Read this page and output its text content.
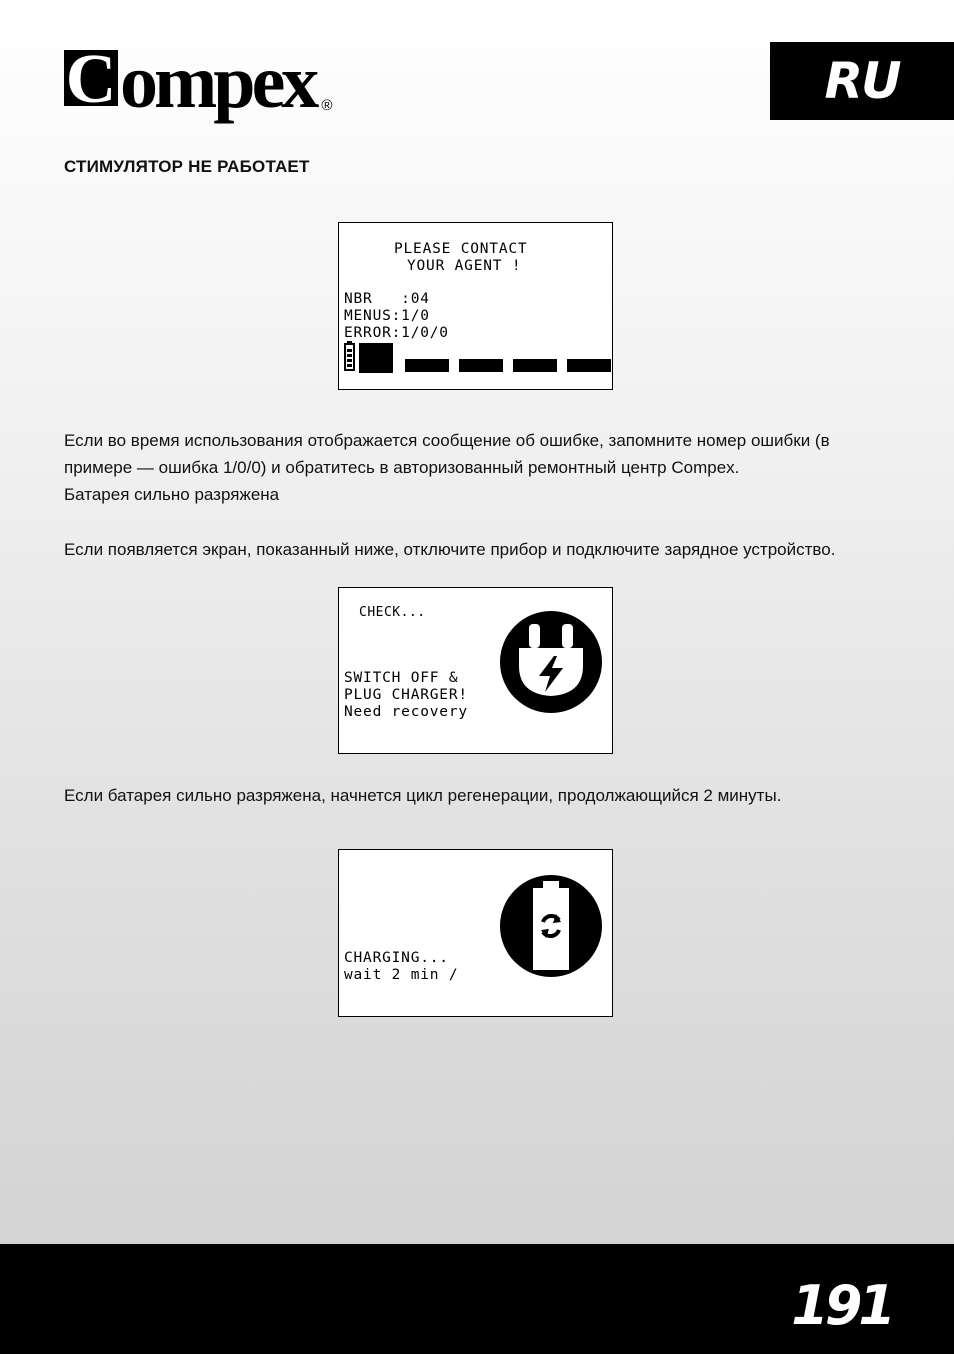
C ompex ®	RU
СТИМУЛЯТОР НЕ РАБОТАЕТ
PLEASE CONTACT
YOUR AGENT !
NBR   :04
MENUS:1/0
ERROR:1/0/0
Если во время использования отображается сообщение об ошибке, запомните номер ошибки (в
примере — ошибка 1/0/0) и обратитесь в авторизованный ремонтный центр Compex.
Батарея сильно разряжена
Если появляется экран, показанный ниже, отключите прибор и подключите зарядное устройство.
CHECK...
SWITCH OFF &
PLUG CHARGER!
Need recovery
Если батарея сильно разряжена, начнется цикл регенерации, продолжающийся 2 минуты.
CHARGING...
wait 2 min /
191
